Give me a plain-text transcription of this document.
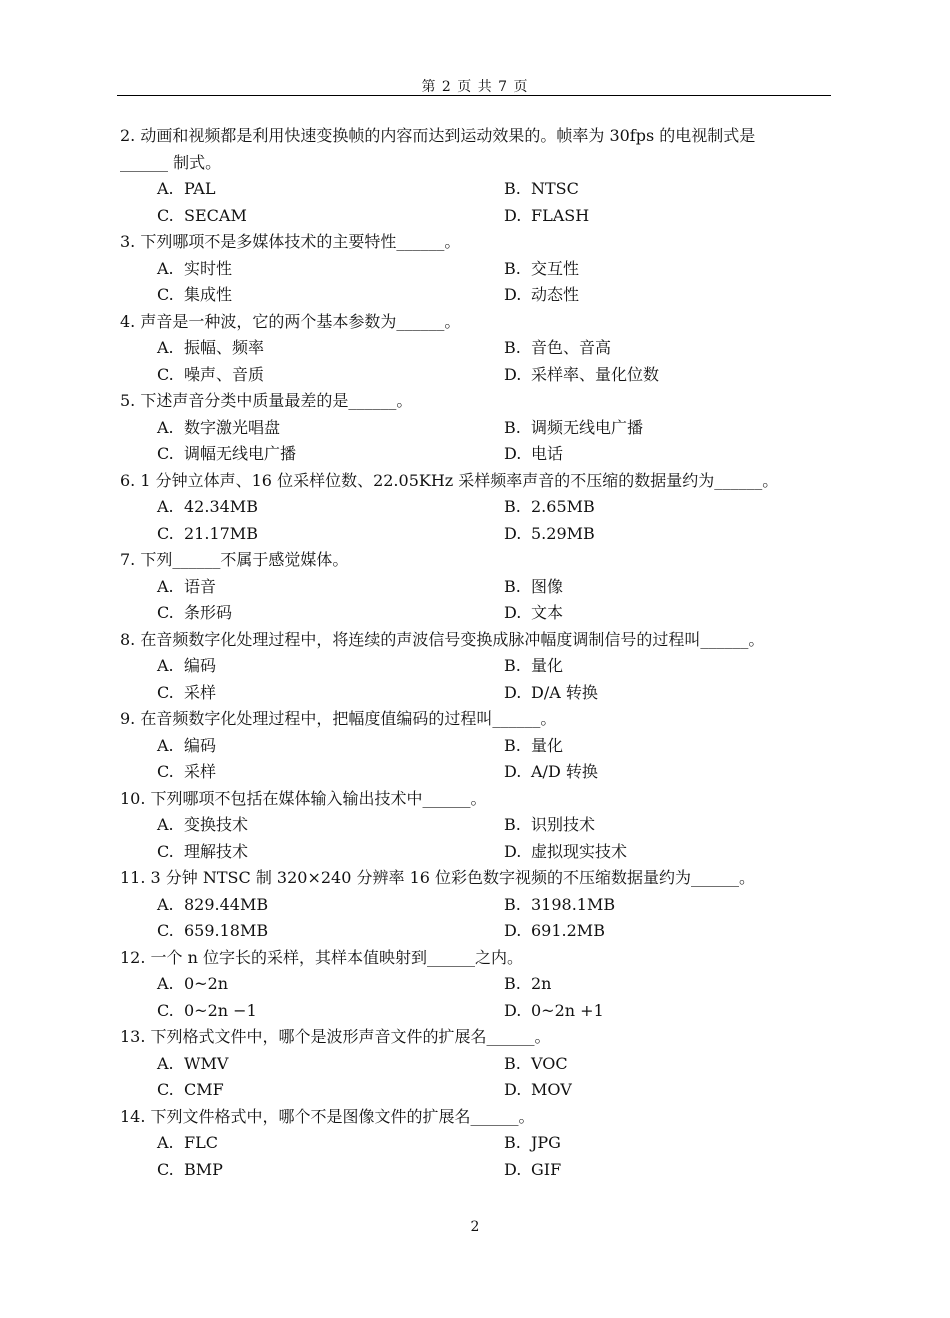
第 2 页 共 7 页
2. 动画和视频都是利用快速变换帧的内容而达到运动效果的。帧率为 30fps 的电视制式是
______ 制式。
A. PAL	B. NTSC
C. SECAM	D. FLASH
3. 下列哪项不是多媒体技术的主要特性______。
A. 实时性	B. 交互性
C. 集成性	D. 动态性
4. 声音是一种波，它的两个基本参数为______。
A. 振幅、频率	B. 音色、音高
C. 噪声、音质	D. 采样率、量化位数
5. 下述声音分类中质量最差的是______。
A. 数字激光唱盘	B. 调频无线电广播
C. 调幅无线电广播	D. 电话
6. 1 分钟立体声、16 位采样位数、22.05KHz 采样频率声音的不压缩的数据量约为______。
A. 42.34MB	B. 2.65MB
C. 21.17MB	D. 5.29MB
7. 下列______不属于感觉媒体。
A. 语音	B. 图像
C. 条形码	D. 文本
8. 在音频数字化处理过程中，将连续的声波信号变换成脉冲幅度调制信号的过程叫______。
A. 编码	B. 量化
C. 采样	D. D/A 转换
9. 在音频数字化处理过程中，把幅度值编码的过程叫______。
A. 编码	B. 量化
C. 采样	D. A/D 转换
10. 下列哪项不包括在媒体输入输出技术中______。
A. 变换技术	B. 识别技术
C. 理解技术	D. 虚拟现实技术
11. 3 分钟 NTSC 制 320×240 分辨率 16 位彩色数字视频的不压缩数据量约为______。
A. 829.44MB	B. 3198.1MB
C. 659.18MB	D. 691.2MB
12. 一个 n 位字长的采样，其样本值映射到______之内。
A. 0~2n	B. 2n
C. 0~2n −1	D. 0~2n +1
13. 下列格式文件中，哪个是波形声音文件的扩展名______。
A. WMV	B. VOC
C. CMF	D. MOV
14. 下列文件格式中，哪个不是图像文件的扩展名______。
A. FLC	B. JPG
C. BMP	D. GIF
2
